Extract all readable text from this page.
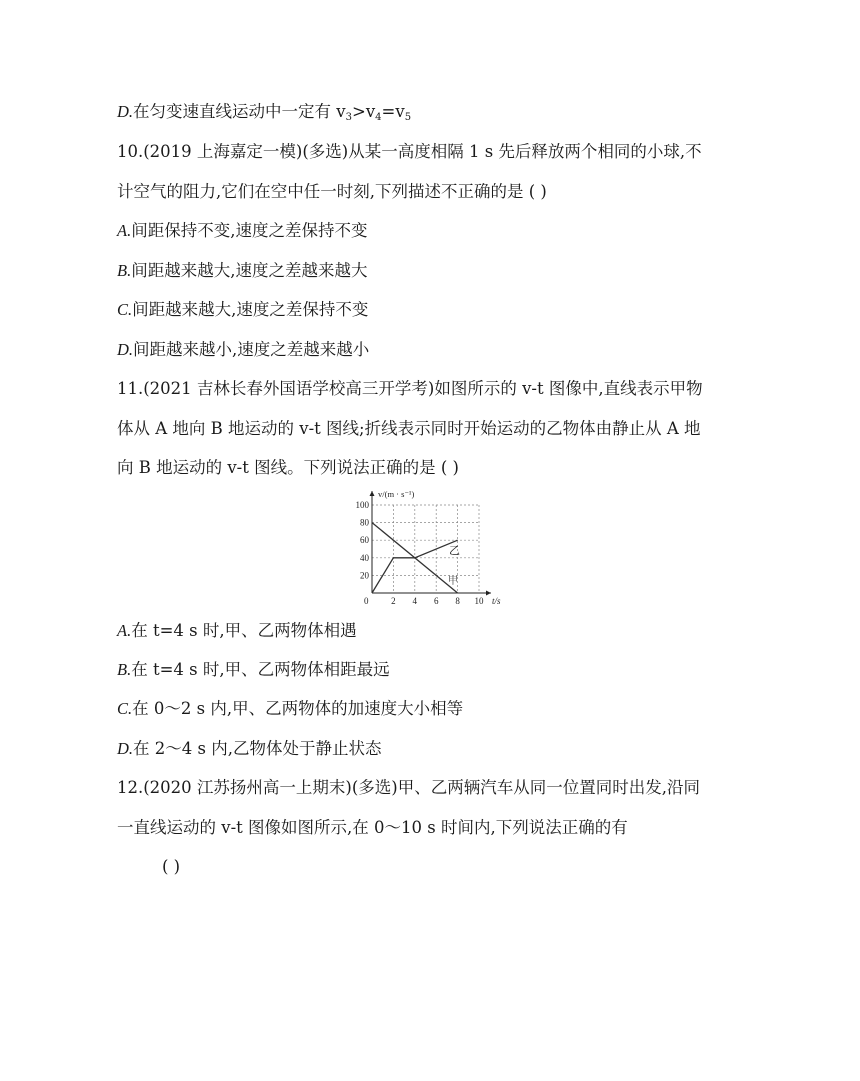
D.在匀变速直线运动中一定有 $v_3>v_4=v_5$
10.(2019 上海嘉定一模)(多选)从某一高度相隔 1 s 先后释放两个相同的小球,不
计空气的阻力,它们在空中任一时刻,下列描述不正确的是 ( )
A.间距保持不变,速度之差保持不变
B.间距越来越大,速度之差越来越大
C.间距越来越大,速度之差保持不变
D.间距越来越小,速度之差越来越小
11.(2021 吉林长春外国语学校高三开学考)如图所示的 v-t 图像中,直线表示甲物
体从 A 地向 B 地运动的 v-t 图线;折线表示同时开始运动的乙物体由静止从 A 地
向 B 地运动的 v-t 图线。下列说法正确的是 ( )
2 4 6 8 10
20
40
60
80
100
v/(m · s⁻¹)
t/s
0
乙
甲
A.在 t=4 s 时,甲、乙两物体相遇
B.在 t=4 s 时,甲、乙两物体相距最远
C.在 0～2 s 内,甲、乙两物体的加速度大小相等
D.在 2～4 s 内,乙物体处于静止状态
12.(2020 江苏扬州高一上期末)(多选)甲、乙两辆汽车从同一位置同时出发,沿同
一直线运动的 v-t 图像如图所示,在 0～10 s 时间内,下列说法正确的有
( )
